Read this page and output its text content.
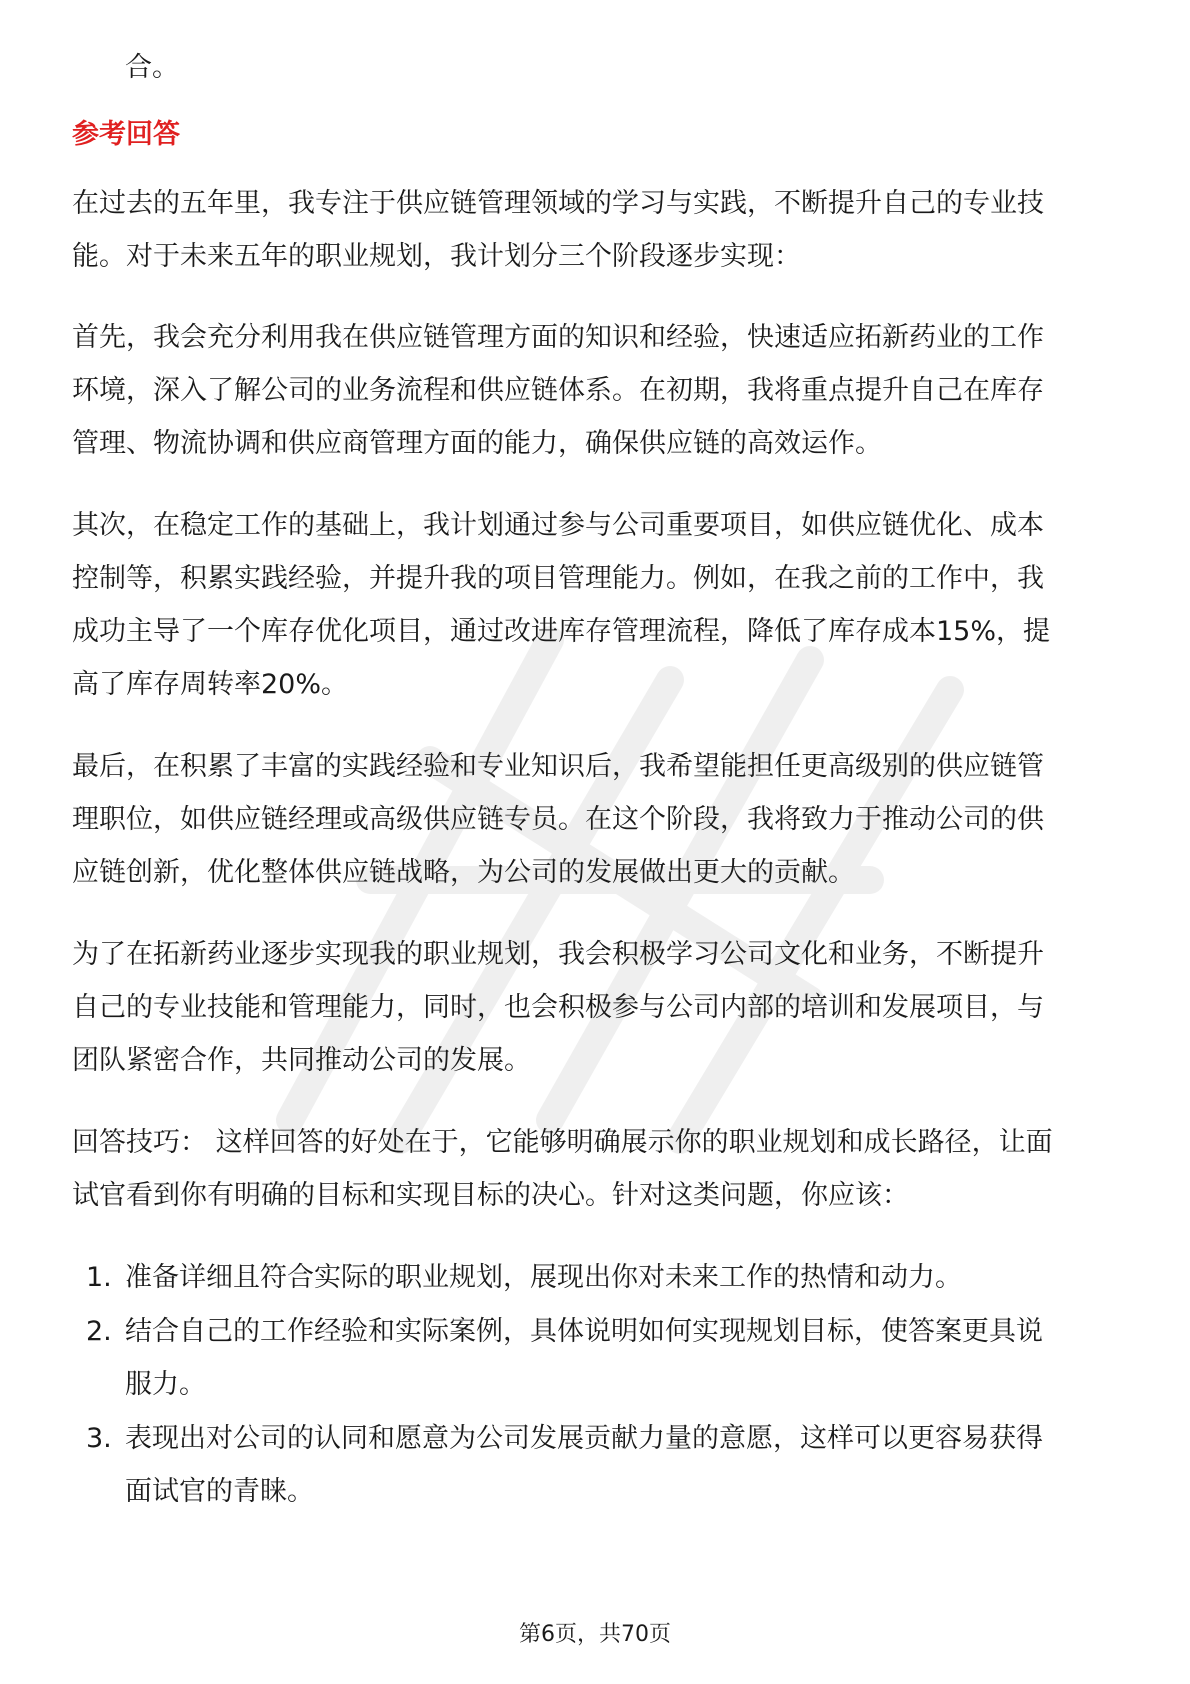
合。
参考回答
在过去的五年里，我专注于供应链管理领域的学习与实践，不断提升自己的专业技
能。对于未来五年的职业规划，我计划分三个阶段逐步实现：
首先，我会充分利用我在供应链管理方面的知识和经验，快速适应拓新药业的工作
环境，深入了解公司的业务流程和供应链体系。在初期，我将重点提升自己在库存
管理、物流协调和供应商管理方面的能力，确保供应链的高效运作。
其次，在稳定工作的基础上，我计划通过参与公司重要项目，如供应链优化、成本
控制等，积累实践经验，并提升我的项目管理能力。例如，在我之前的工作中，我
成功主导了一个库存优化项目，通过改进库存管理流程，降低了库存成本15%，提
高了库存周转率20%。
最后，在积累了丰富的实践经验和专业知识后，我希望能担任更高级别的供应链管
理职位，如供应链经理或高级供应链专员。在这个阶段，我将致力于推动公司的供
应链创新，优化整体供应链战略，为公司的发展做出更大的贡献。
为了在拓新药业逐步实现我的职业规划，我会积极学习公司文化和业务，不断提升
自己的专业技能和管理能力，同时，也会积极参与公司内部的培训和发展项目，与
团队紧密合作，共同推动公司的发展。
回答技巧： 这样回答的好处在于，它能够明确展示你的职业规划和成长路径，让面
试官看到你有明确的目标和实现目标的决心。针对这类问题，你应该：
1. 准备详细且符合实际的职业规划，展现出你对未来工作的热情和动力。
2. 结合自己的工作经验和实际案例，具体说明如何实现规划目标，使答案更具说
服力。
3. 表现出对公司的认同和愿意为公司发展贡献力量的意愿，这样可以更容易获得
面试官的青睐。
第6页，共70页
